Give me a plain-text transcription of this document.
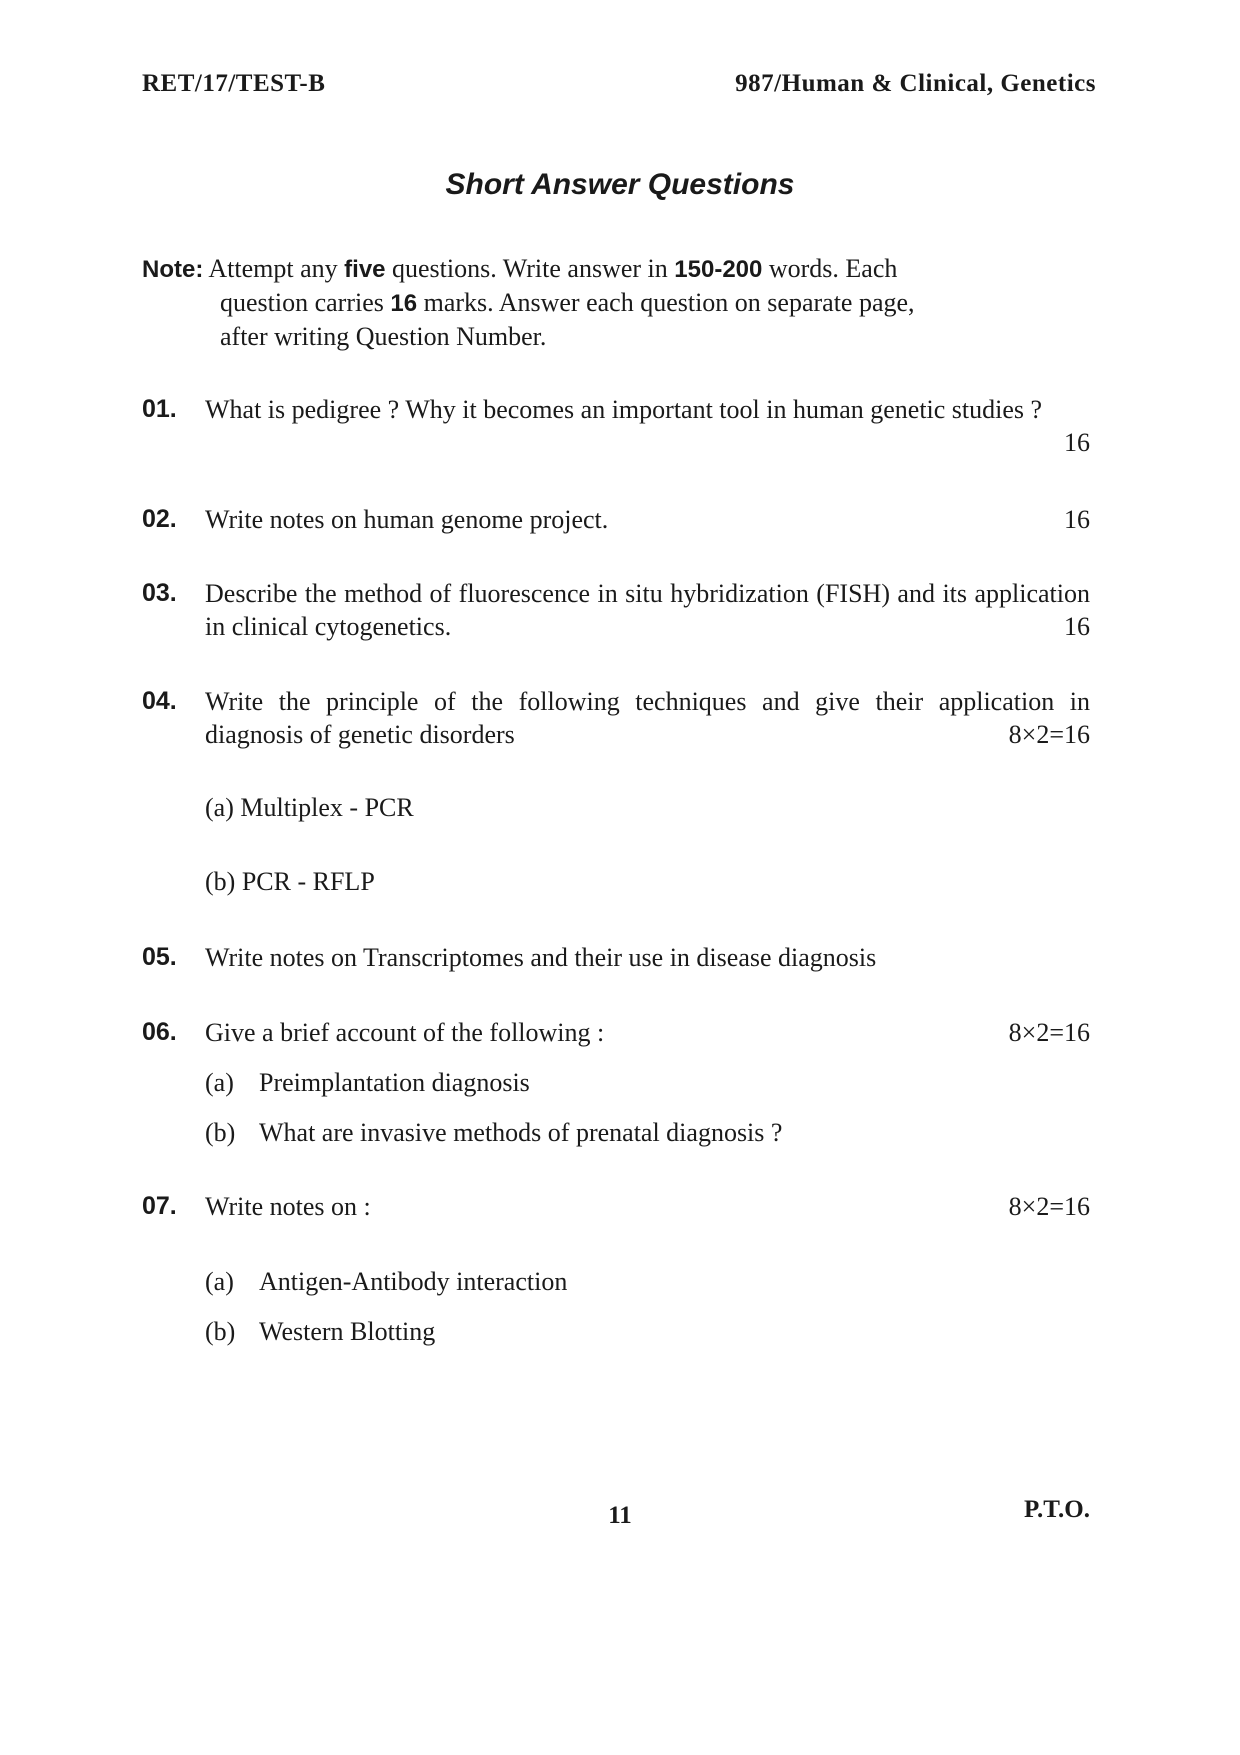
RET/17/TEST-B	987/Human & Clinical, Genetics
Short Answer Questions
Note: Attempt any five questions. Write answer in 150-200 words. Each
question carries 16 marks. Answer each question on separate page,
after writing Question Number.
01. What is pedigree ? Why it becomes an important tool in human genetic studies ?
16
02. Write notes on human genome project.	16
03. Describe the method of fluorescence in situ hybridization (FISH) and its application in clinical cytogenetics.	16
04. Write the principle of the following techniques and give their application in diagnosis of genetic disorders	8×2=16
(a) Multiplex - PCR
(b) PCR - RFLP
05. Write notes on Transcriptomes and their use in disease diagnosis
06. Give a brief account of the following :	8×2=16
(a) Preimplantation diagnosis
(b) What are invasive methods of prenatal diagnosis ?
07. Write notes on :	8×2=16
(a) Antigen-Antibody interaction
(b) Western Blotting
11	P.T.O.
